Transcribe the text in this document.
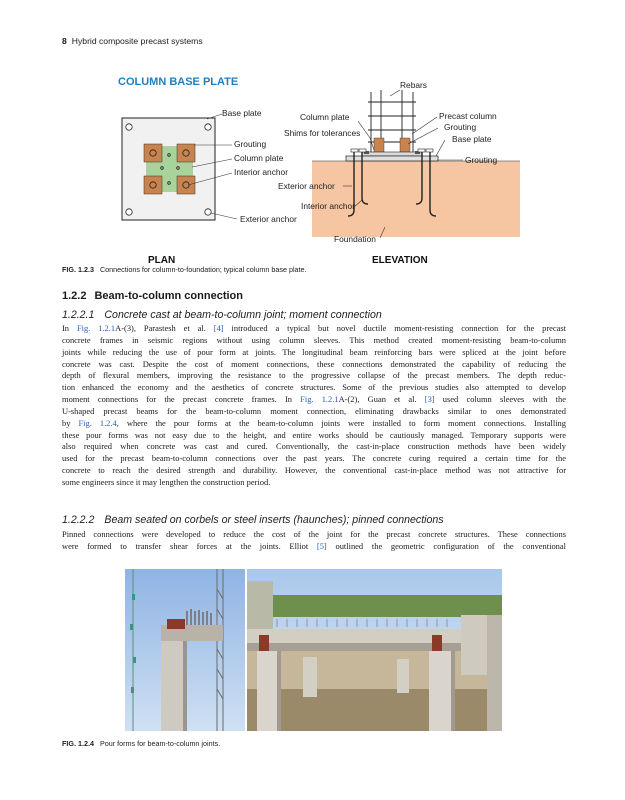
8 Hybrid composite precast systems
COLUMN BASE PLATE
Base plate
Grouting
Column plate
Interior anchor
Exterior anchor
PLAN
Rebars
Column plate
Shims for tolerances
Precast column
Grouting
Base plate
Grouting
Exterior anchor
Interior anchor
Foundation
ELEVATION
FIG. 1.2.3 Connections for column-to-foundation; typical column base plate.
1.2.2 Beam-to-column connection
1.2.2.1 Concrete cast at beam-to-column joint; moment connection
In Fig. 1.2.1A-(3), Parastesh et al. [4] introduced a typical but novel ductile moment-resisting connection for the precast
concrete frames in seismic regions without using column sleeves. This method created moment-resisting beam-to-column
joints while reducing the use of pour form at joints. The longitudinal beam reinforcing bars were spliced at the joint before
concrete was cast. Despite the cost of moment connections, these connections demonstrated the capability of reducing the
depth of flexural members, improving the resistance to the progressive collapse of the precast members. The depth reduc-
tion enhanced the economy and the aesthetics of concrete structures. Some of the previous studies also attempted to develop
moment connections for the precast concrete frames. In Fig. 1.2.1A-(2), Guan et al. [3] used column sleeves with the
U-shaped precast beams for the beam-to-column moment connection, eliminating drawbacks similar to ones demonstrated
by Fig. 1.2.4, where the pour forms at the beam-to-column joints were installed to form moment connections. Installing
these pour forms was not easy due to the height, and entire works should be cautiously managed. Temporary supports were
also required when concrete was cast and cured. Conventionally, the cast-in-place construction methods have been widely
used for the precast beam-to-column connections over the past years. The concrete curing required a certain time for the
concrete to reach the desired strength and durability. However, the conventional cast-in-place method was not attractive for
some engineers since it may lengthen the construction period.
1.2.2.2 Beam seated on corbels or steel inserts (haunches); pinned connections
Pinned connections were developed to reduce the cost of the joint for the precast concrete structures. These connections
were formed to transfer shear forces at the joints. Elliot [5] outlined the geometric configuration of the conventional
FIG. 1.2.4 Pour forms for beam-to-column joints.
